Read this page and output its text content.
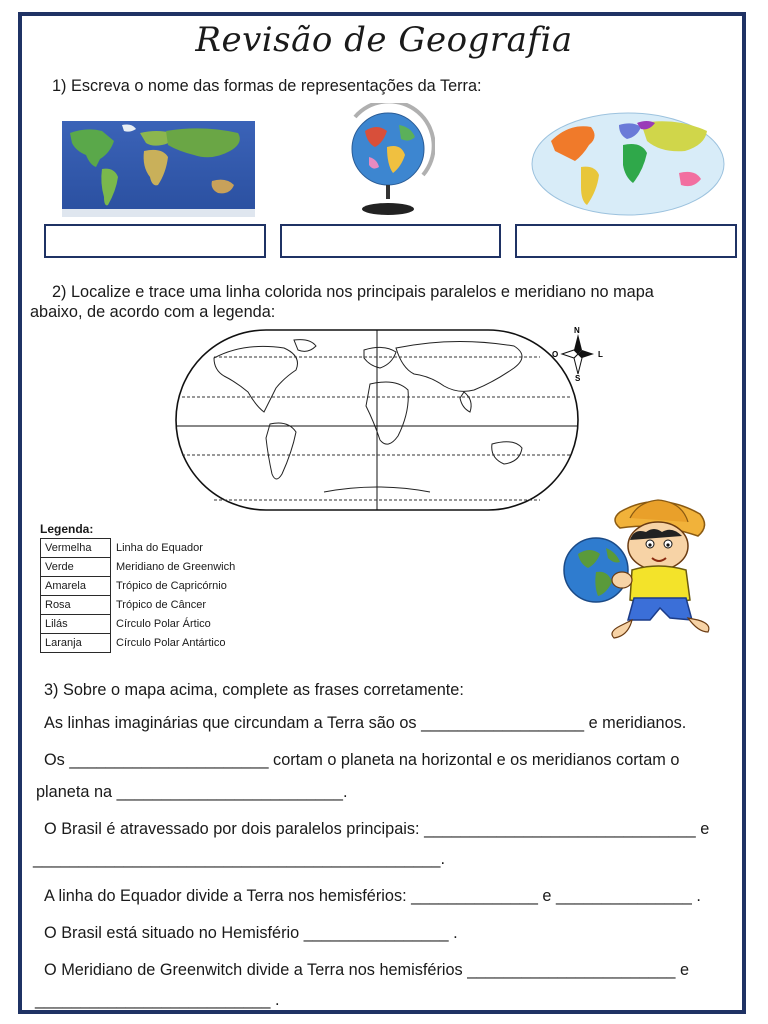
Revisão de Geografia
1) Escreva o nome das formas de representações da Terra:
2) Localize e trace uma linha colorida nos principais paralelos e meridiano no mapa
abaixo, de acordo com a legenda:
N
S
O	L
Legenda:
Vermelha	Linha do Equador
Verde	Meridiano de Greenwich
Amarela	Trópico de Capricórnio
Rosa	Trópico de Câncer
Lilás	Círculo Polar Ártico
Laranja	Círculo Polar Antártico
3) Sobre o mapa acima, complete as frases corretamente:
As linhas imaginárias que circundam a Terra são os __________________ e meridianos.
Os ______________________ cortam o planeta na horizontal e os meridianos cortam o
planeta na _________________________.
O Brasil é atravessado por dois paralelos principais: ______________________________ e
_____________________________________________.
A linha do Equador divide a Terra nos hemisférios: ______________ e _______________ .
O Brasil está situado no Hemisfério ________________ .
O Meridiano de Greenwitch divide a Terra nos hemisférios _______________________ e
__________________________ .
